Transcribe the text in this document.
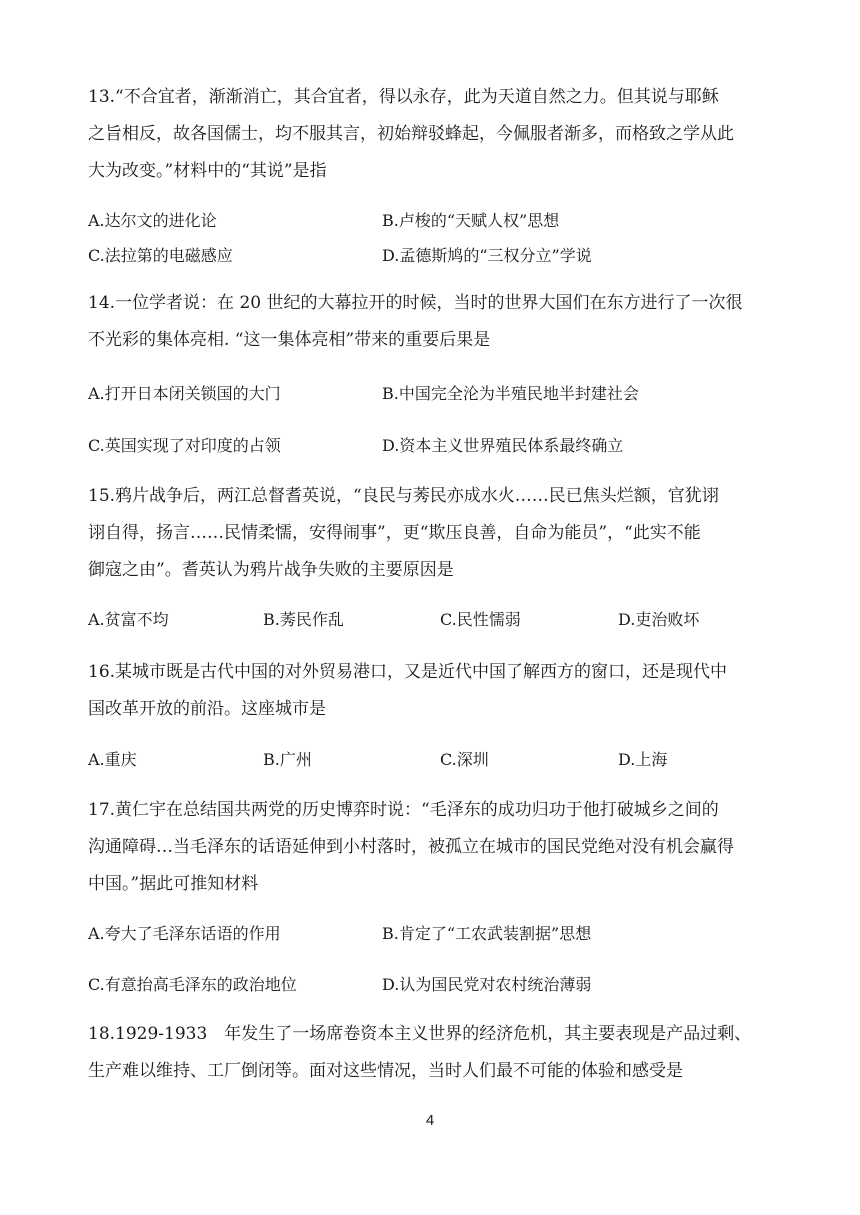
13.“不合宜者，渐渐消亡，其合宜者，得以永存，此为天道自然之力。但其说与耶稣
之旨相反，故各国儒士，均不服其言，初始辩驳蜂起，今佩服者渐多，而格致之学从此
大为改变。”材料中的“其说”是指
A.达尔文的进化论	B.卢梭的“天赋人权”思想
C.法拉第的电磁感应	D.孟德斯鸠的“三权分立”学说
14.一位学者说：在 20 世纪的大幕拉开的时候，当时的世界大国们在东方进行了一次很
不光彩的集体亮相. “这一集体亮相”带来的重要后果是
A.打开日本闭关锁国的大门	B.中国完全沦为半殖民地半封建社会
C.英国实现了对印度的占领	D.资本主义世界殖民体系最终确立
15.鸦片战争后，两江总督耆英说，“良民与莠民亦成水火……民已焦头烂额，官犹诩
诩自得，扬言……民情柔懦，安得闹事”，更“欺压良善，自命为能员”，“此实不能
御寇之由”。耆英认为鸦片战争失败的主要原因是
A.贫富不均	B.莠民作乱	C.民性懦弱	D.吏治败坏
16.某城市既是古代中国的对外贸易港口，又是近代中国了解西方的窗口，还是现代中
国改革开放的前沿。这座城市是
A.重庆	B.广州	C.深圳	D.上海
17.黄仁宇在总结国共两党的历史博弈时说：“毛泽东的成功归功于他打破城乡之间的
沟通障碍…当毛泽东的话语延伸到小村落时，被孤立在城市的国民党绝对没有机会赢得
中国。”据此可推知材料
A.夸大了毛泽东话语的作用	B.肯定了“工农武装割据”思想
C.有意抬高毛泽东的政治地位	D.认为国民党对农村统治薄弱
18.1929-1933　年发生了一场席卷资本主义世界的经济危机，其主要表现是产品过剩、
生产难以维持、工厂倒闭等。面对这些情况，当时人们最不可能的体验和感受是
4
